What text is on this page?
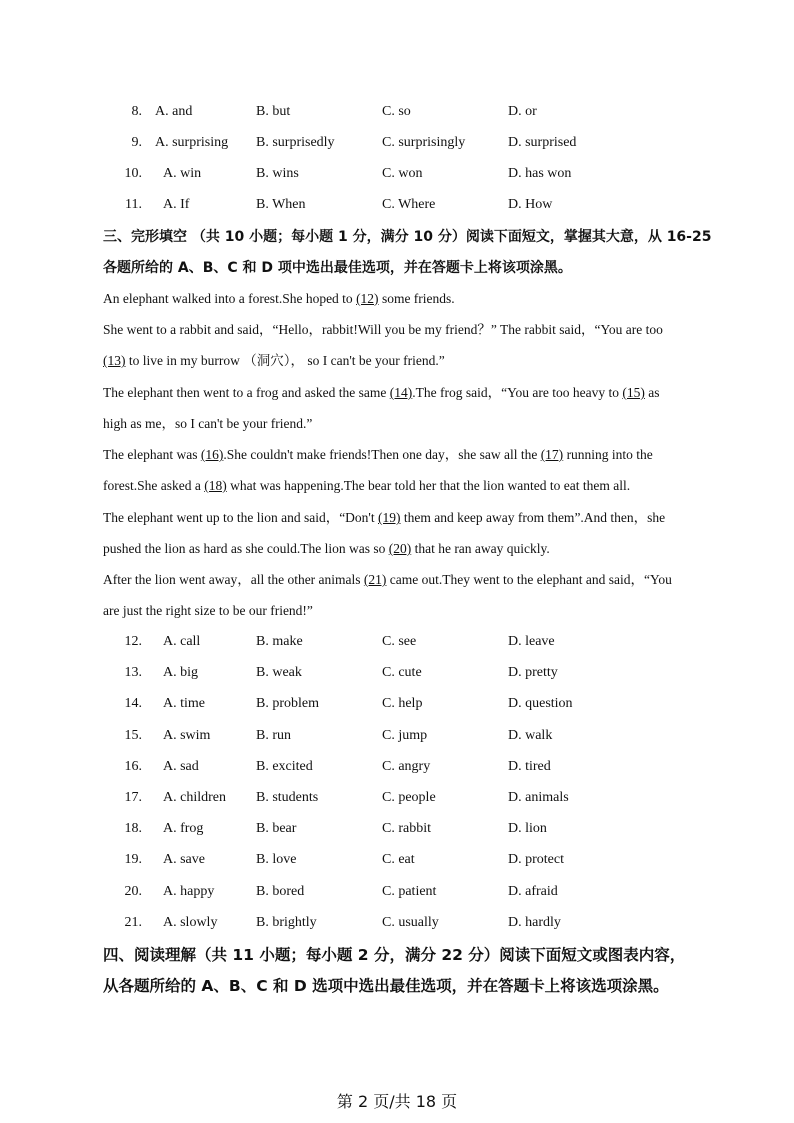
8. A. and	B. but	C. so	D. or
9. A. surprising B. surprisedly	C. surprisingly	D. surprised
10. A. win	B. wins	C. won	D. has won
11. A. If	B. When	C. Where	D. How
三、完形填空 （共 10 小题；每小题 1 分，满分 10 分）阅读下面短文，掌握其大意，从 16-25
各题所给的 A、B、C 和 D 项中选出最佳选项，并在答题卡上将该项涂黑。
An elephant walked into a forest.She hoped to (12) some friends.
She went to a rabbit and said，“Hello，rabbit!Will you be my friend？” The rabbit said，“You are too
(13) to live in my burrow （洞穴）， so I can't be your friend.”
The elephant then went to a frog and asked the same (14).The frog said，“You are too heavy to (15) as
high as me，so I can't be your friend.”
The elephant was (16).She couldn't make friends!Then one day，she saw all the (17) running into the
forest.She asked a (18) what was happening.The bear told her that the lion wanted to eat them all.
The elephant went up to the lion and said，“Don't (19) them and keep away from them”.And then，she
pushed the lion as hard as she could.The lion was so (20) that he ran away quickly.
After the lion went away，all the other animals (21) came out.They went to the elephant and said，“You
are just the right size to be our friend!”
12. A. call	B. make	C. see	D. leave
13. A. big	B. weak	C. cute	D. pretty
14. A. time	B. problem	C. help	D. question
15. A. swim	B. run	C. jump	D. walk
16. A. sad	B. excited	C. angry	D. tired
17. A. children B. students	C. people	D. animals
18. A. frog	B. bear	C. rabbit	D. lion
19. A. save	B. love	C. eat	D. protect
20. A. happy	B. bored	C. patient	D. afraid
21. A. slowly	B. brightly	C. usually	D. hardly
四、阅读理解（共 11 小题；每小题 2 分，满分 22 分）阅读下面短文或图表内容，
从各题所给的 A、B、C 和 D 选项中选出最佳选项，并在答题卡上将该选项涂黑。
第 2 页/共 18 页
